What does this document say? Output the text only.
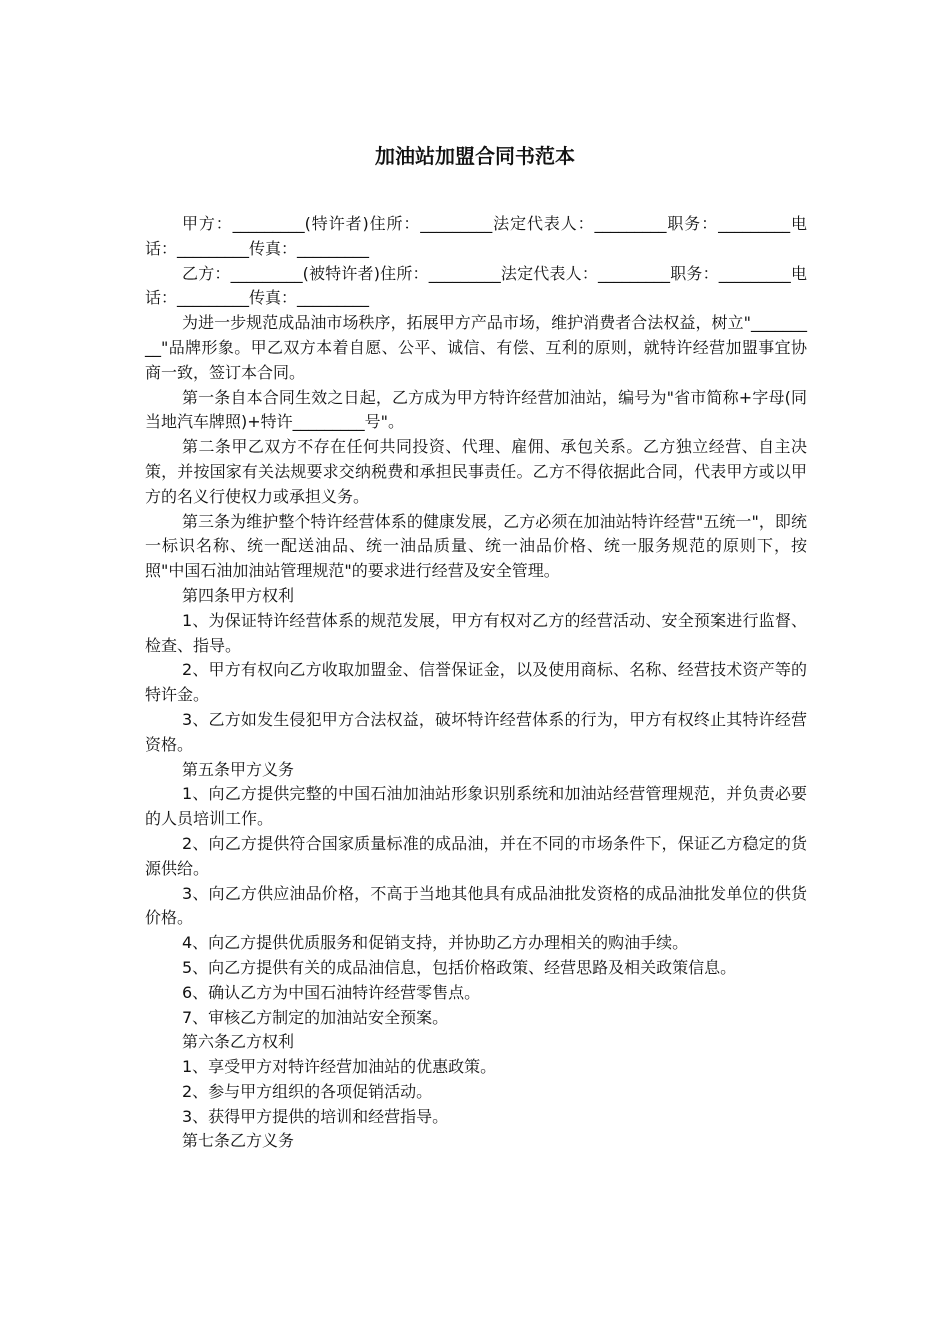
加油站加盟合同书范本

甲方：_________(特许者)住所：_________法定代表人：_________职务：_________电话：_________传真：_________

乙方：_________(被特许者)住所：_________法定代表人：_________职务：_________电话：_________传真：_________

为进一步规范成品油市场秩序，拓展甲方产品市场，维护消费者合法权益，树立"_________"品牌形象。甲乙双方本着自愿、公平、诚信、有偿、互利的原则，就特许经营加盟事宜协商一致，签订本合同。

第一条自本合同生效之日起，乙方成为甲方特许经营加油站，编号为"省市简称+字母(同当地汽车牌照)+特许_________号"。

第二条甲乙双方不存在任何共同投资、代理、雇佣、承包关系。乙方独立经营、自主决策，并按国家有关法规要求交纳税费和承担民事责任。乙方不得依据此合同，代表甲方或以甲方的名义行使权力或承担义务。

第三条为维护整个特许经营体系的健康发展，乙方必须在加油站特许经营"五统一"，即统一标识名称、统一配送油品、统一油品质量、统一油品价格、统一服务规范的原则下，按照"中国石油加油站管理规范"的要求进行经营及安全管理。

第四条甲方权利

1、为保证特许经营体系的规范发展，甲方有权对乙方的经营活动、安全预案进行监督、检查、指导。

2、甲方有权向乙方收取加盟金、信誉保证金，以及使用商标、名称、经营技术资产等的特许金。

3、乙方如发生侵犯甲方合法权益，破坏特许经营体系的行为，甲方有权终止其特许经营资格。

第五条甲方义务

1、向乙方提供完整的中国石油加油站形象识别系统和加油站经营管理规范，并负责必要的人员培训工作。

2、向乙方提供符合国家质量标准的成品油，并在不同的市场条件下，保证乙方稳定的货源供给。

3、向乙方供应油品价格，不高于当地其他具有成品油批发资格的成品油批发单位的供货价格。

4、向乙方提供优质服务和促销支持，并协助乙方办理相关的购油手续。

5、向乙方提供有关的成品油信息，包括价格政策、经营思路及相关政策信息。

6、确认乙方为中国石油特许经营零售点。

7、审核乙方制定的加油站安全预案。

第六条乙方权利

1、享受甲方对特许经营加油站的优惠政策。

2、参与甲方组织的各项促销活动。

3、获得甲方提供的培训和经营指导。

第七条乙方义务
